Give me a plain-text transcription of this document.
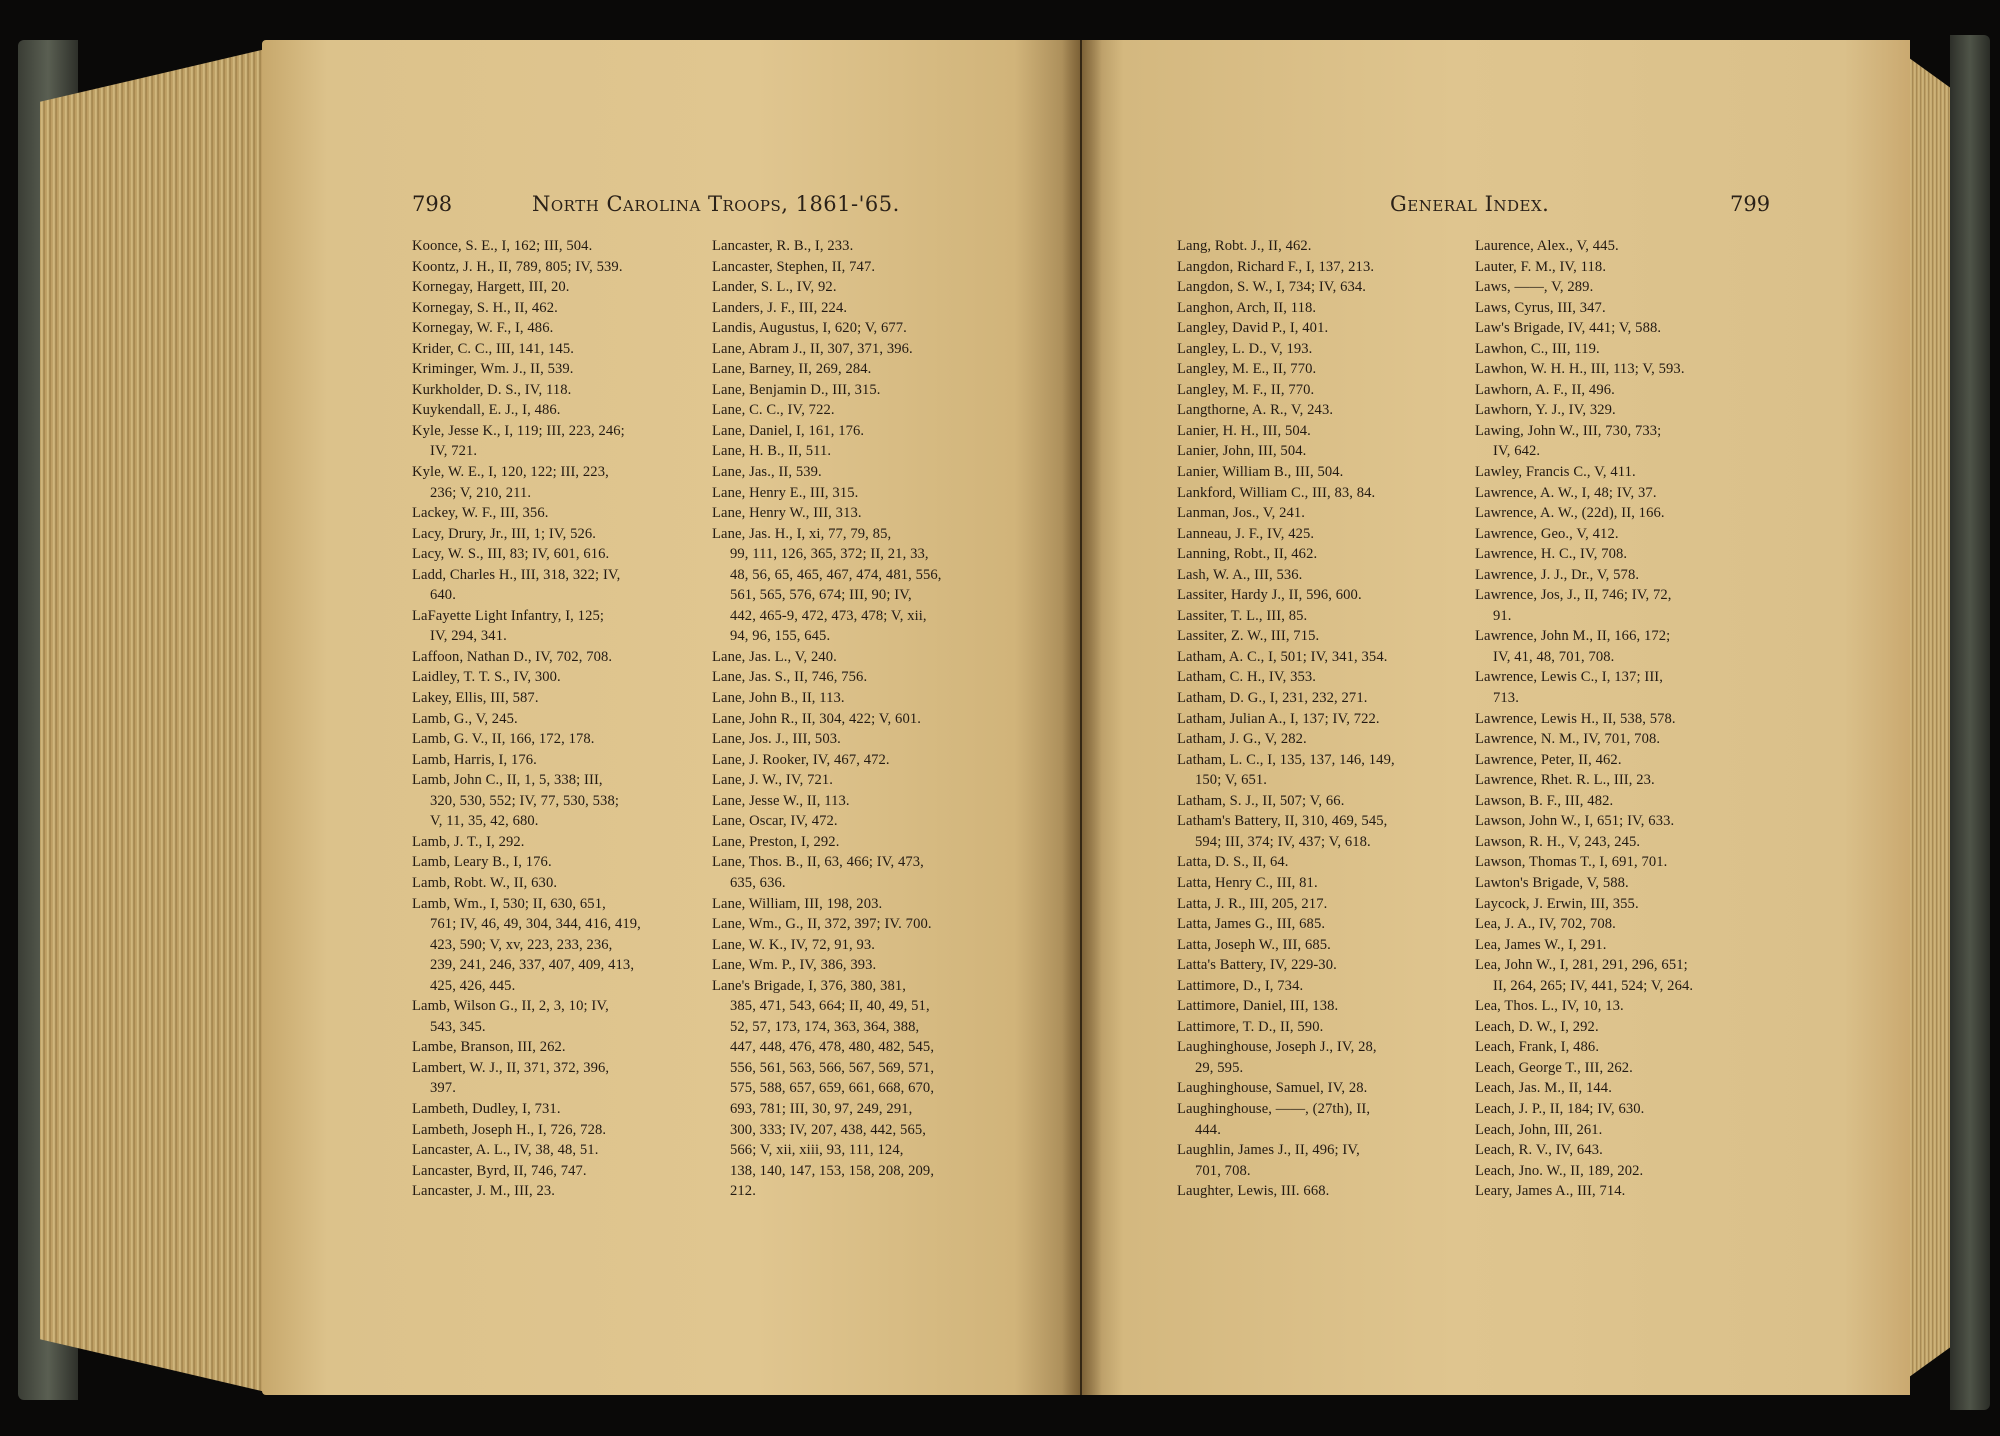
798	North Carolina Troops, 1861-'65.	General Index.	799
Koonce, S. E., I, 162; III, 504.
Koontz, J. H., II, 789, 805; IV, 539.
Kornegay, Hargett, III, 20.
Kornegay, S. H., II, 462.
Kornegay, W. F., I, 486.
Krider, C. C., III, 141, 145.
Kriminger, Wm. J., II, 539.
Kurkholder, D. S., IV, 118.
Kuykendall, E. J., I, 486.
Kyle, Jesse K., I, 119; III, 223, 246;
IV, 721.
Kyle, W. E., I, 120, 122; III, 223,
236; V, 210, 211.
Lackey, W. F., III, 356.
Lacy, Drury, Jr., III, 1; IV, 526.
Lacy, W. S., III, 83; IV, 601, 616.
Ladd, Charles H., III, 318, 322; IV,
640.
LaFayette Light Infantry, I, 125;
IV, 294, 341.
Laffoon, Nathan D., IV, 702, 708.
Laidley, T. T. S., IV, 300.
Lakey, Ellis, III, 587.
Lamb, G., V, 245.
Lamb, G. V., II, 166, 172, 178.
Lamb, Harris, I, 176.
Lamb, John C., II, 1, 5, 338; III,
320, 530, 552; IV, 77, 530, 538;
V, 11, 35, 42, 680.
Lamb, J. T., I, 292.
Lamb, Leary B., I, 176.
Lamb, Robt. W., II, 630.
Lamb, Wm., I, 530; II, 630, 651,
761; IV, 46, 49, 304, 344, 416, 419,
423, 590; V, xv, 223, 233, 236,
239, 241, 246, 337, 407, 409, 413,
425, 426, 445.
Lamb, Wilson G., II, 2, 3, 10; IV,
543, 345.
Lambe, Branson, III, 262.
Lambert, W. J., II, 371, 372, 396,
397.
Lambeth, Dudley, I, 731.
Lambeth, Joseph H., I, 726, 728.
Lancaster, A. L., IV, 38, 48, 51.
Lancaster, Byrd, II, 746, 747.
Lancaster, J. M., III, 23.
Lancaster, R. B., I, 233.
Lancaster, Stephen, II, 747.
Lander, S. L., IV, 92.
Landers, J. F., III, 224.
Landis, Augustus, I, 620; V, 677.
Lane, Abram J., II, 307, 371, 396.
Lane, Barney, II, 269, 284.
Lane, Benjamin D., III, 315.
Lane, C. C., IV, 722.
Lane, Daniel, I, 161, 176.
Lane, H. B., II, 511.
Lane, Jas., II, 539.
Lane, Henry E., III, 315.
Lane, Henry W., III, 313.
Lane, Jas. H., I, xi, 77, 79, 85,
99, 111, 126, 365, 372; II, 21, 33,
48, 56, 65, 465, 467, 474, 481, 556,
561, 565, 576, 674; III, 90; IV,
442, 465-9, 472, 473, 478; V, xii,
94, 96, 155, 645.
Lane, Jas. L., V, 240.
Lane, Jas. S., II, 746, 756.
Lane, John B., II, 113.
Lane, John R., II, 304, 422; V, 601.
Lane, Jos. J., III, 503.
Lane, J. Rooker, IV, 467, 472.
Lane, J. W., IV, 721.
Lane, Jesse W., II, 113.
Lane, Oscar, IV, 472.
Lane, Preston, I, 292.
Lane, Thos. B., II, 63, 466; IV, 473,
635, 636.
Lane, William, III, 198, 203.
Lane, Wm., G., II, 372, 397; IV. 700.
Lane, W. K., IV, 72, 91, 93.
Lane, Wm. P., IV, 386, 393.
Lane's Brigade, I, 376, 380, 381,
385, 471, 543, 664; II, 40, 49, 51,
52, 57, 173, 174, 363, 364, 388,
447, 448, 476, 478, 480, 482, 545,
556, 561, 563, 566, 567, 569, 571,
575, 588, 657, 659, 661, 668, 670,
693, 781; III, 30, 97, 249, 291,
300, 333; IV, 207, 438, 442, 565,
566; V, xii, xiii, 93, 111, 124,
138, 140, 147, 153, 158, 208, 209,
212.
Lang, Robt. J., II, 462.
Langdon, Richard F., I, 137, 213.
Langdon, S. W., I, 734; IV, 634.
Langhon, Arch, II, 118.
Langley, David P., I, 401.
Langley, L. D., V, 193.
Langley, M. E., II, 770.
Langley, M. F., II, 770.
Langthorne, A. R., V, 243.
Lanier, H. H., III, 504.
Lanier, John, III, 504.
Lanier, William B., III, 504.
Lankford, William C., III, 83, 84.
Lanman, Jos., V, 241.
Lanneau, J. F., IV, 425.
Lanning, Robt., II, 462.
Lash, W. A., III, 536.
Lassiter, Hardy J., II, 596, 600.
Lassiter, T. L., III, 85.
Lassiter, Z. W., III, 715.
Latham, A. C., I, 501; IV, 341, 354.
Latham, C. H., IV, 353.
Latham, D. G., I, 231, 232, 271.
Latham, Julian A., I, 137; IV, 722.
Latham, J. G., V, 282.
Latham, L. C., I, 135, 137, 146, 149,
150; V, 651.
Latham, S. J., II, 507; V, 66.
Latham's Battery, II, 310, 469, 545,
594; III, 374; IV, 437; V, 618.
Latta, D. S., II, 64.
Latta, Henry C., III, 81.
Latta, J. R., III, 205, 217.
Latta, James G., III, 685.
Latta, Joseph W., III, 685.
Latta's Battery, IV, 229-30.
Lattimore, D., I, 734.
Lattimore, Daniel, III, 138.
Lattimore, T. D., II, 590.
Laughinghouse, Joseph J., IV, 28,
29, 595.
Laughinghouse, Samuel, IV, 28.
Laughinghouse, ——, (27th), II,
444.
Laughlin, James J., II, 496; IV,
701, 708.
Laughter, Lewis, III. 668.
Laurence, Alex., V, 445.
Lauter, F. M., IV, 118.
Laws, ——, V, 289.
Laws, Cyrus, III, 347.
Law's Brigade, IV, 441; V, 588.
Lawhon, C., III, 119.
Lawhon, W. H. H., III, 113; V, 593.
Lawhorn, A. F., II, 496.
Lawhorn, Y. J., IV, 329.
Lawing, John W., III, 730, 733;
IV, 642.
Lawley, Francis C., V, 411.
Lawrence, A. W., I, 48; IV, 37.
Lawrence, A. W., (22d), II, 166.
Lawrence, Geo., V, 412.
Lawrence, H. C., IV, 708.
Lawrence, J. J., Dr., V, 578.
Lawrence, Jos, J., II, 746; IV, 72,
91.
Lawrence, John M., II, 166, 172;
IV, 41, 48, 701, 708.
Lawrence, Lewis C., I, 137; III,
713.
Lawrence, Lewis H., II, 538, 578.
Lawrence, N. M., IV, 701, 708.
Lawrence, Peter, II, 462.
Lawrence, Rhet. R. L., III, 23.
Lawson, B. F., III, 482.
Lawson, John W., I, 651; IV, 633.
Lawson, R. H., V, 243, 245.
Lawson, Thomas T., I, 691, 701.
Lawton's Brigade, V, 588.
Laycock, J. Erwin, III, 355.
Lea, J. A., IV, 702, 708.
Lea, James W., I, 291.
Lea, John W., I, 281, 291, 296, 651;
II, 264, 265; IV, 441, 524; V, 264.
Lea, Thos. L., IV, 10, 13.
Leach, D. W., I, 292.
Leach, Frank, I, 486.
Leach, George T., III, 262.
Leach, Jas. M., II, 144.
Leach, J. P., II, 184; IV, 630.
Leach, John, III, 261.
Leach, R. V., IV, 643.
Leach, Jno. W., II, 189, 202.
Leary, James A., III, 714.
